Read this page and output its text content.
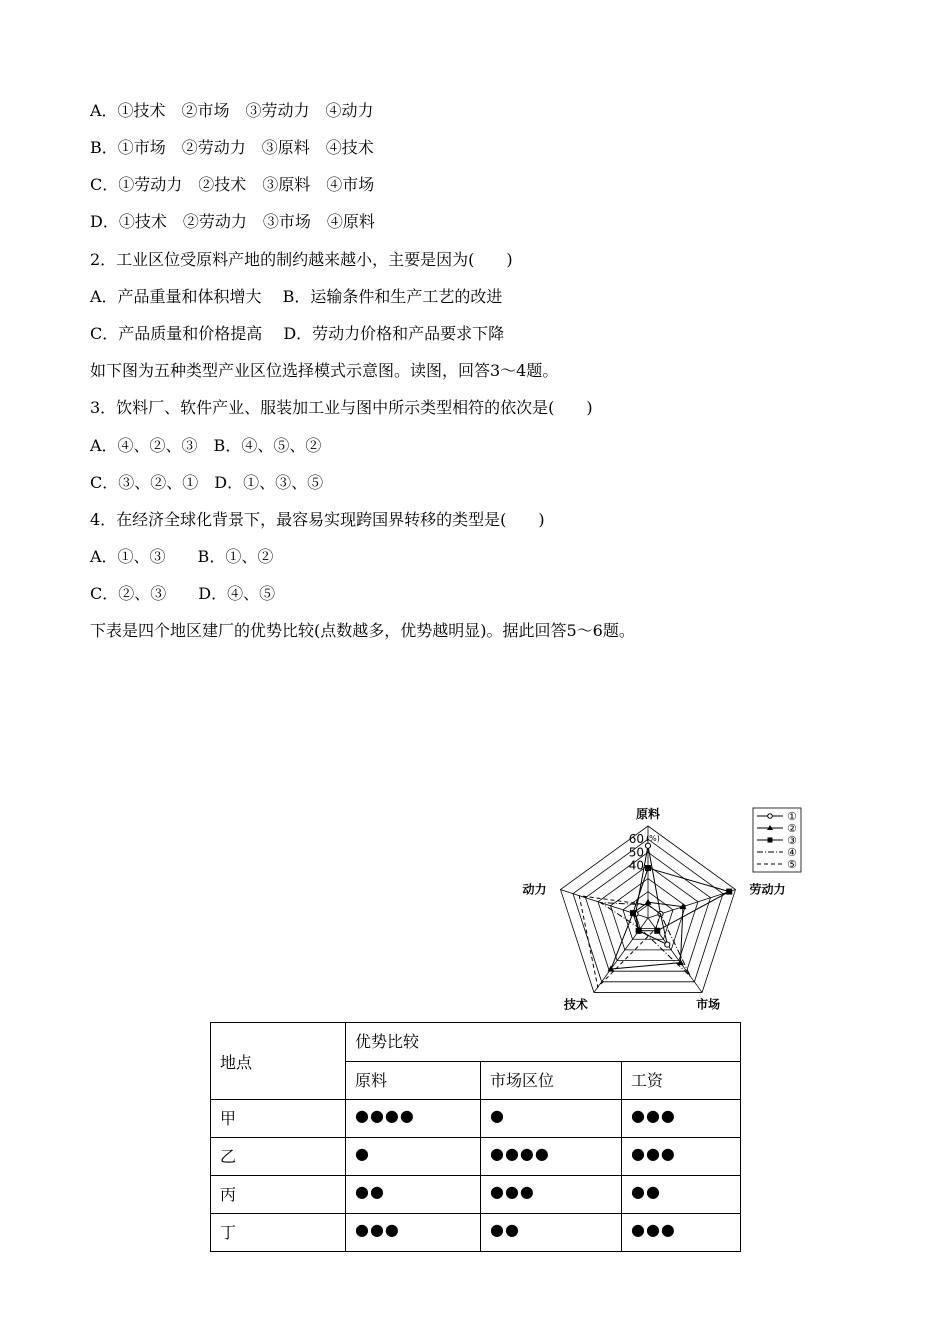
A．①技术　②市场　③劳动力　④动力
B．①市场　②劳动力　③原料　④技术
C．①劳动力　②技术　③原料　④市场
D．①技术　②劳动力　③市场　④原料
2．工业区位受原料产地的制约越来越小，主要是因为(　　)
A．产品重量和体积增大　 B．运输条件和生产工艺的改进
C．产品质量和价格提高　 D．劳动力价格和产品要求下降
如下图为五种类型产业区位选择模式示意图。读图，回答3～4题。
3．饮料厂、软件产业、服装加工业与图中所示类型相符的依次是(　　)
A．④、②、③　B．④、⑤、②
C．③、②、①　D．①、③、⑤
4．在经济全球化背景下，最容易实现跨国界转移的类型是(　　)
A．①、③　　B．①、②
C．②、③　　D．④、⑤
下表是四个地区建厂的优势比较(点数越多，优势越明显)。据此回答5～6题。
原料
劳动力
市场
技术
动力
40
50
60 (%)
①
②
③
④
⑤
地点	优势比较		
	原料	市场区位	工资
甲	●●●●	●	●●●
乙	●	●●●●	●●●
丙	●●	●●●	●●
丁	●●●	●●	●●●
